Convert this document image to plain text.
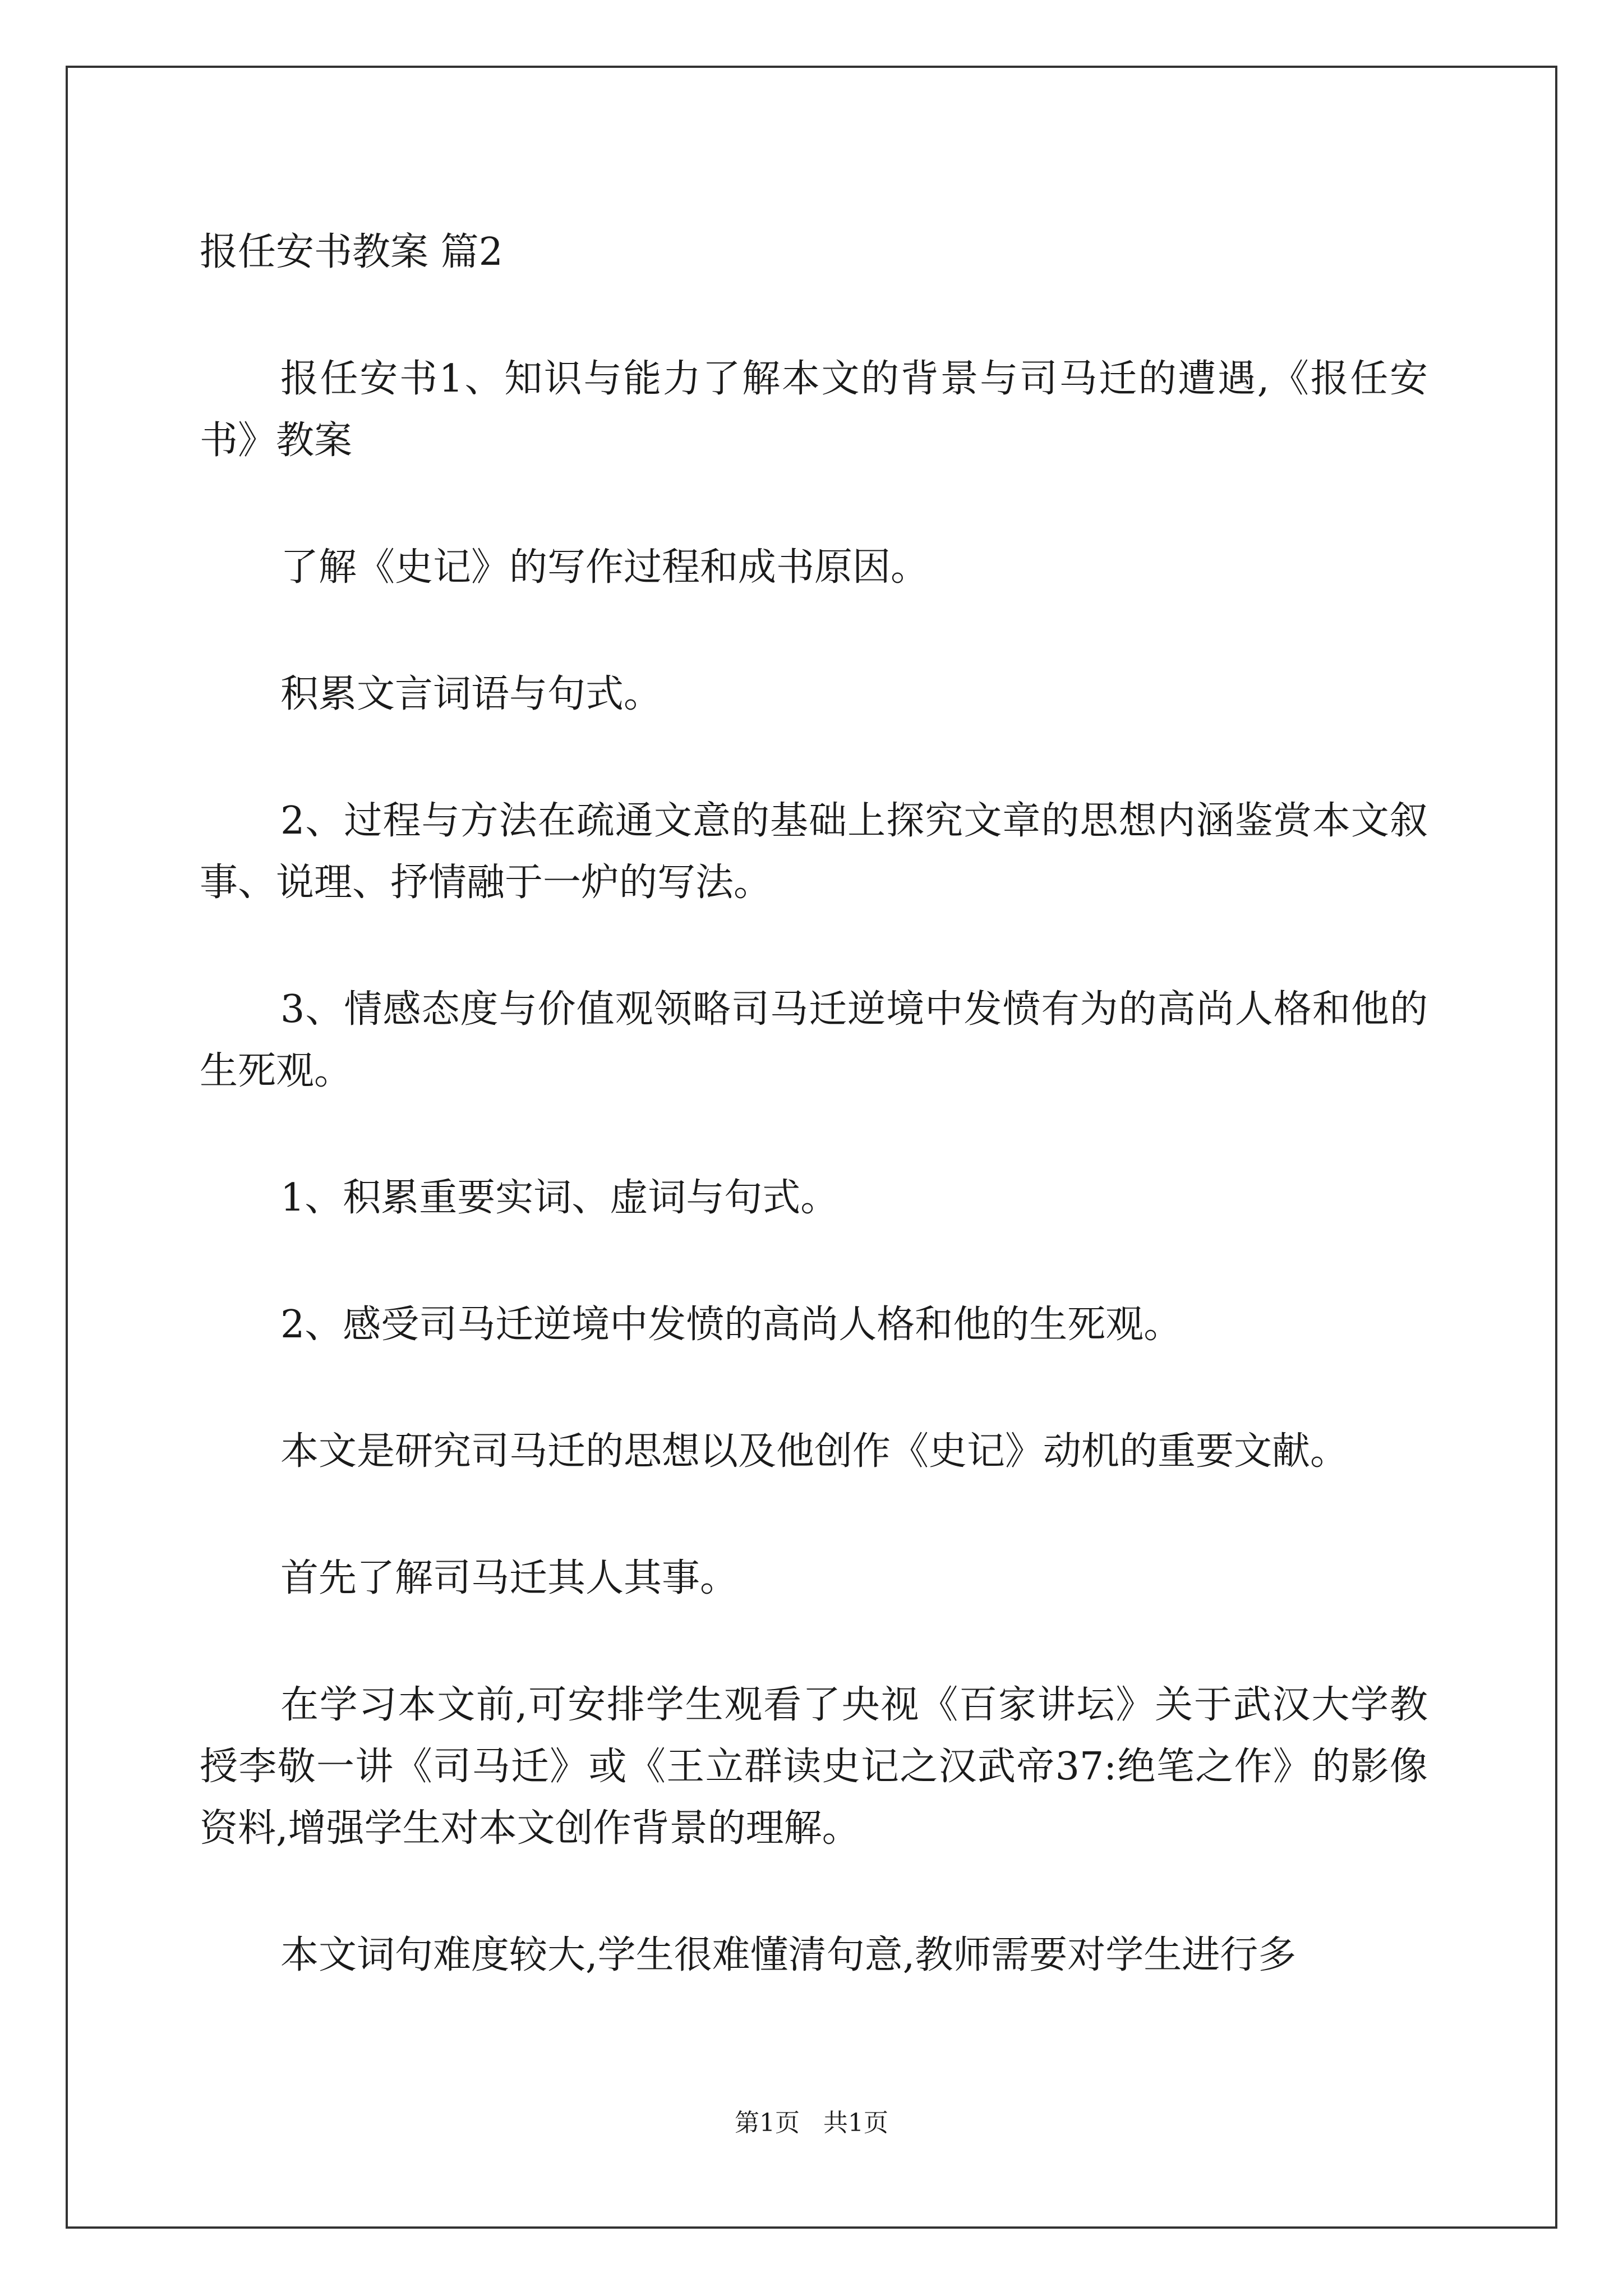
报任安书教案 篇2

报任安书1、知识与能力了解本文的背景与司马迁的遭遇,《报任安书》教案

了解《史记》的写作过程和成书原因。

积累文言词语与句式。

2、过程与方法在疏通文意的基础上探究文章的思想内涵鉴赏本文叙事、说理、抒情融于一炉的写法。

3、情感态度与价值观领略司马迁逆境中发愤有为的高尚人格和他的生死观。

1、积累重要实词、虚词与句式。

2、感受司马迁逆境中发愤的高尚人格和他的生死观。

本文是研究司马迁的思想以及他创作《史记》动机的重要文献。

首先了解司马迁其人其事。

在学习本文前,可安排学生观看了央视《百家讲坛》关于武汉大学教授李敬一讲《司马迁》或《王立群读史记之汉武帝37:绝笔之作》的影像资料,增强学生对本文创作背景的理解。

本文词句难度较大,学生很难懂清句意,教师需要对学生进行多

第1页   共1页
